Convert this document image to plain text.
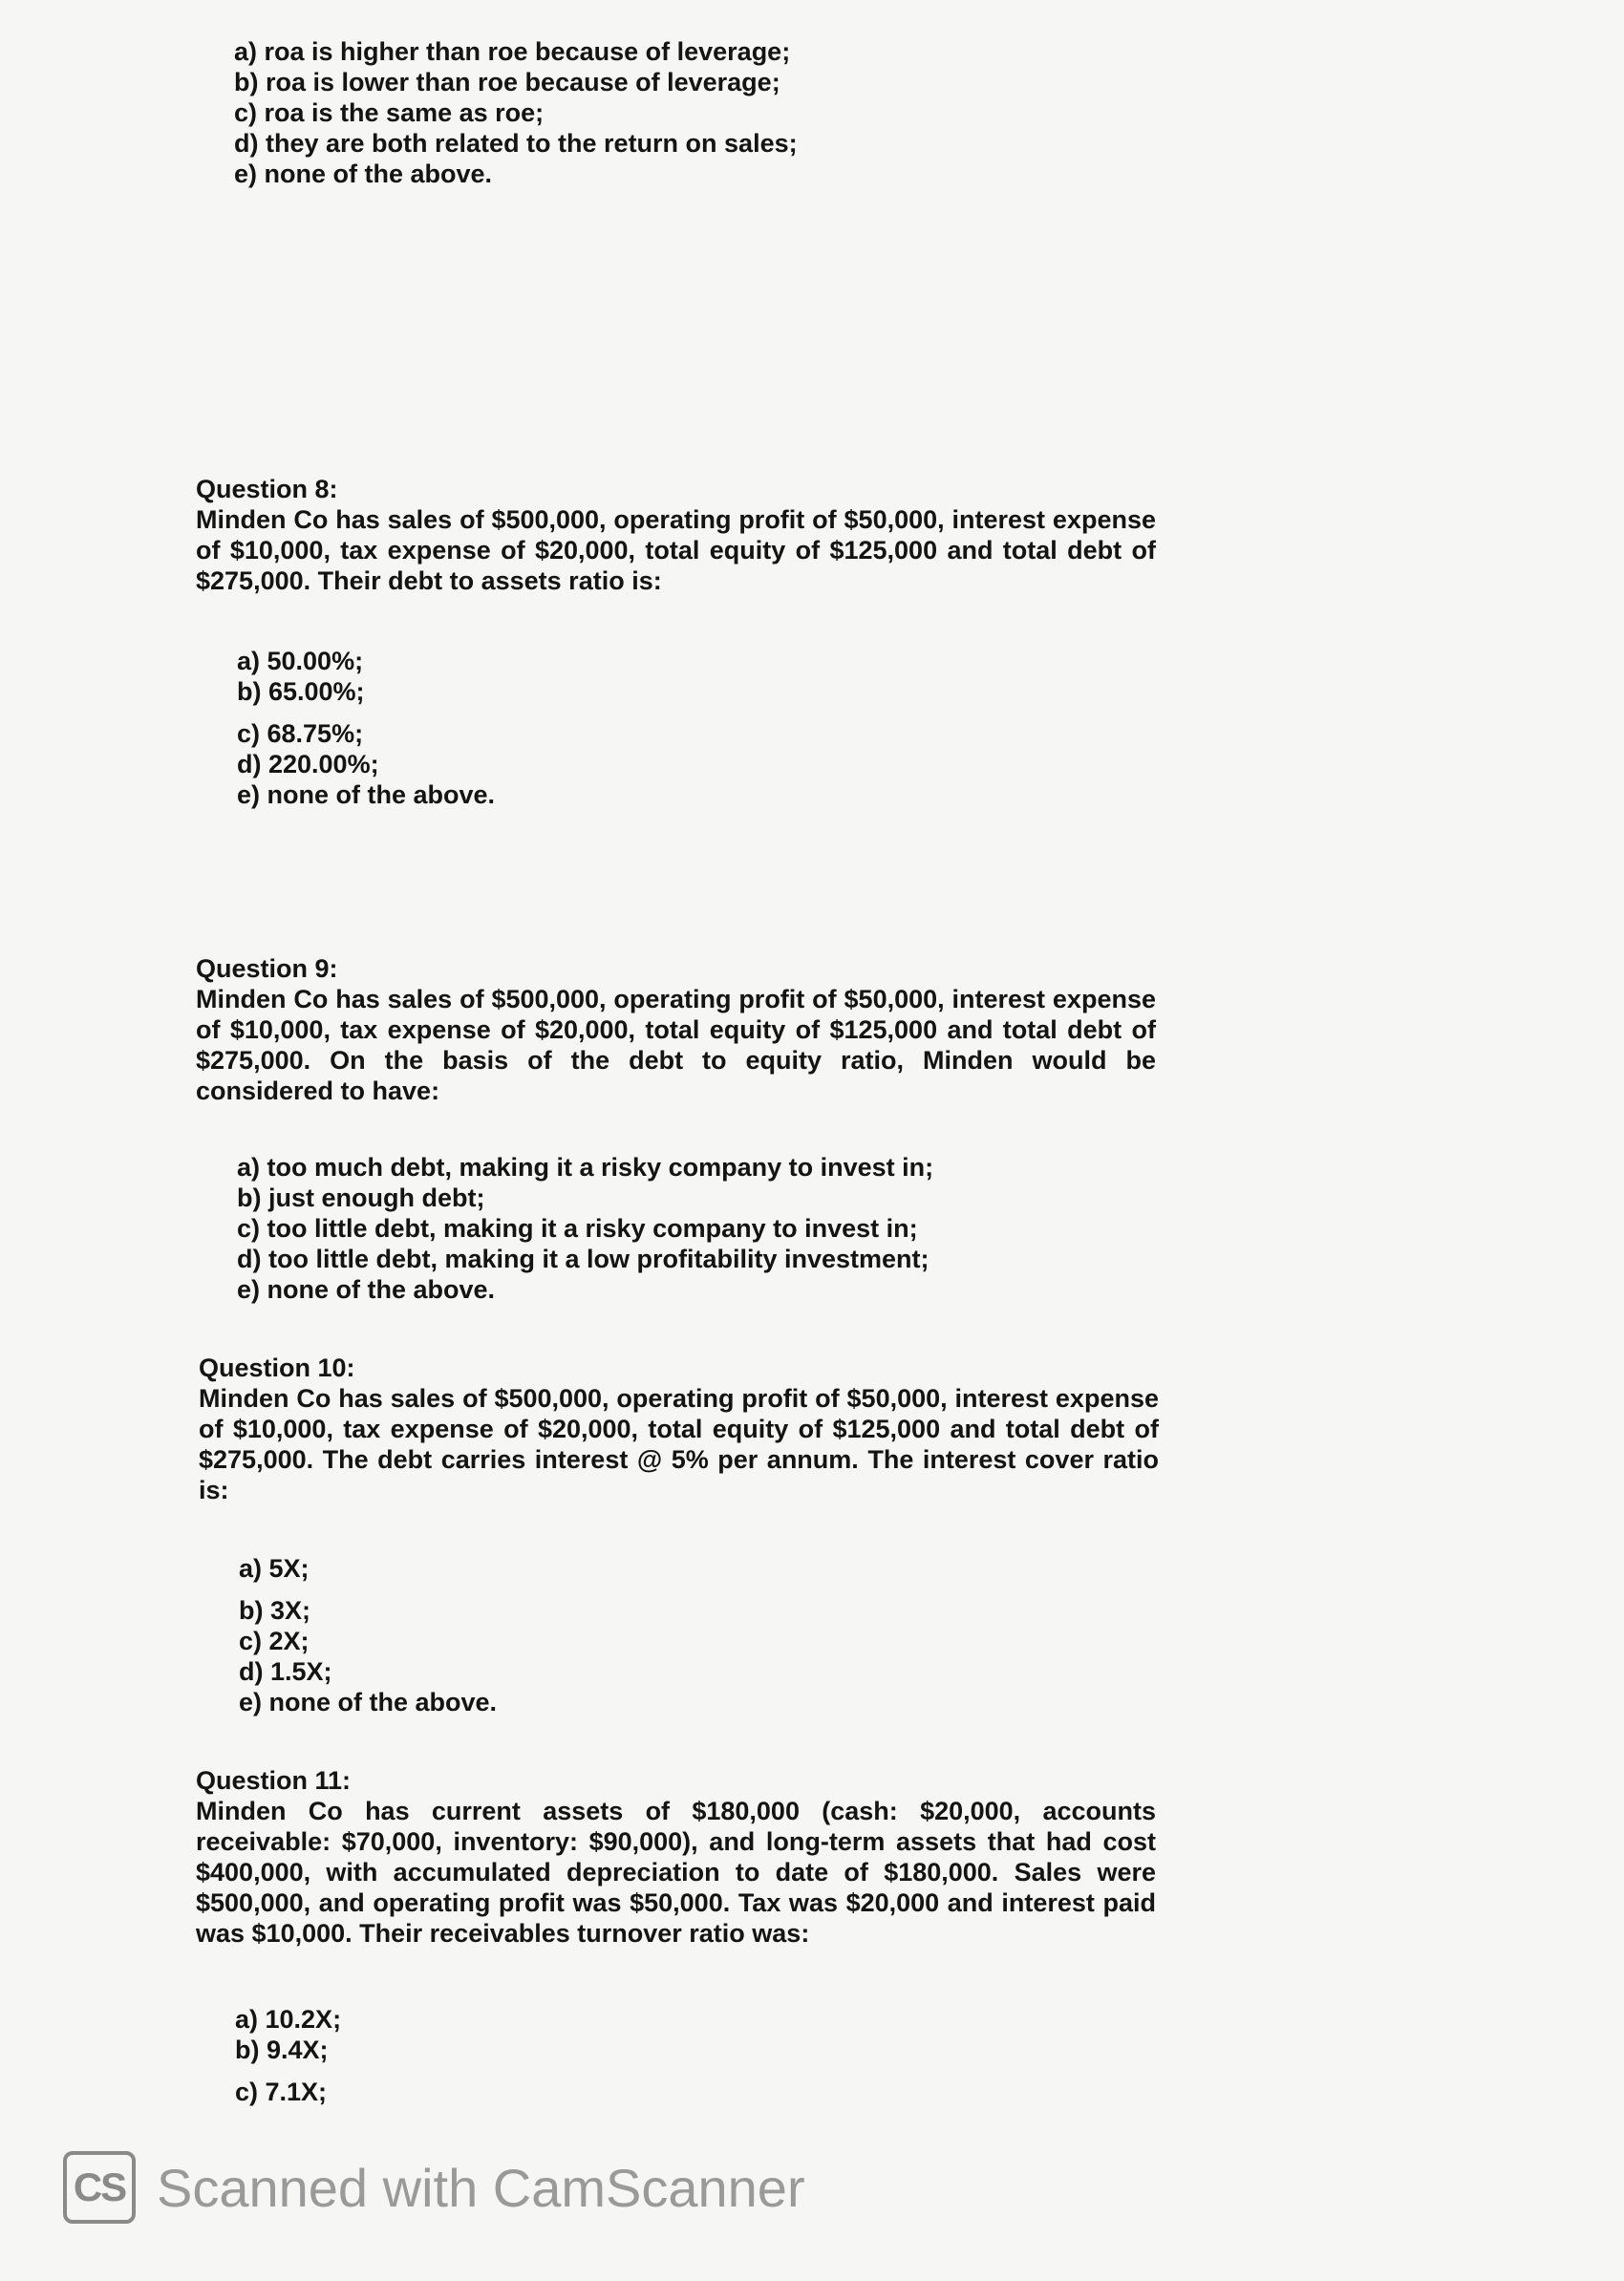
a) roa is higher than roe because of leverage;
b) roa is lower than roe because of leverage;
c) roa is the same as roe;
d) they are both related to the return on sales;
e) none of the above.
Question 8:
Minden Co has sales of $500,000, operating profit of $50,000, interest expense of $10,000, tax expense of $20,000, total equity of $125,000 and total debt of $275,000. Their debt to assets ratio is:
a) 50.00%;
b) 65.00%;
c) 68.75%;
d) 220.00%;
e) none of the above.
Question 9:
Minden Co has sales of $500,000, operating profit of $50,000, interest expense of $10,000, tax expense of $20,000, total equity of $125,000 and total debt of $275,000. On the basis of the debt to equity ratio, Minden would be considered to have:
a) too much debt, making it a risky company to invest in;
b) just enough debt;
c) too little debt, making it a risky company to invest in;
d) too little debt, making it a low profitability investment;
e) none of the above.
Question 10:
Minden Co has sales of $500,000, operating profit of $50,000, interest expense of $10,000, tax expense of $20,000, total equity of $125,000 and total debt of $275,000. The debt carries interest @ 5% per annum. The interest cover ratio is:
a) 5X;
b) 3X;
c) 2X;
d) 1.5X;
e) none of the above.
Question 11:
Minden Co has current assets of $180,000 (cash: $20,000, accounts receivable: $70,000, inventory: $90,000), and long-term assets that had cost $400,000, with accumulated depreciation to date of $180,000. Sales were $500,000, and operating profit was $50,000. Tax was $20,000 and interest paid was $10,000. Their receivables turnover ratio was:
a) 10.2X;
b) 9.4X;
c) 7.1X;
CS Scanned with CamScanner
